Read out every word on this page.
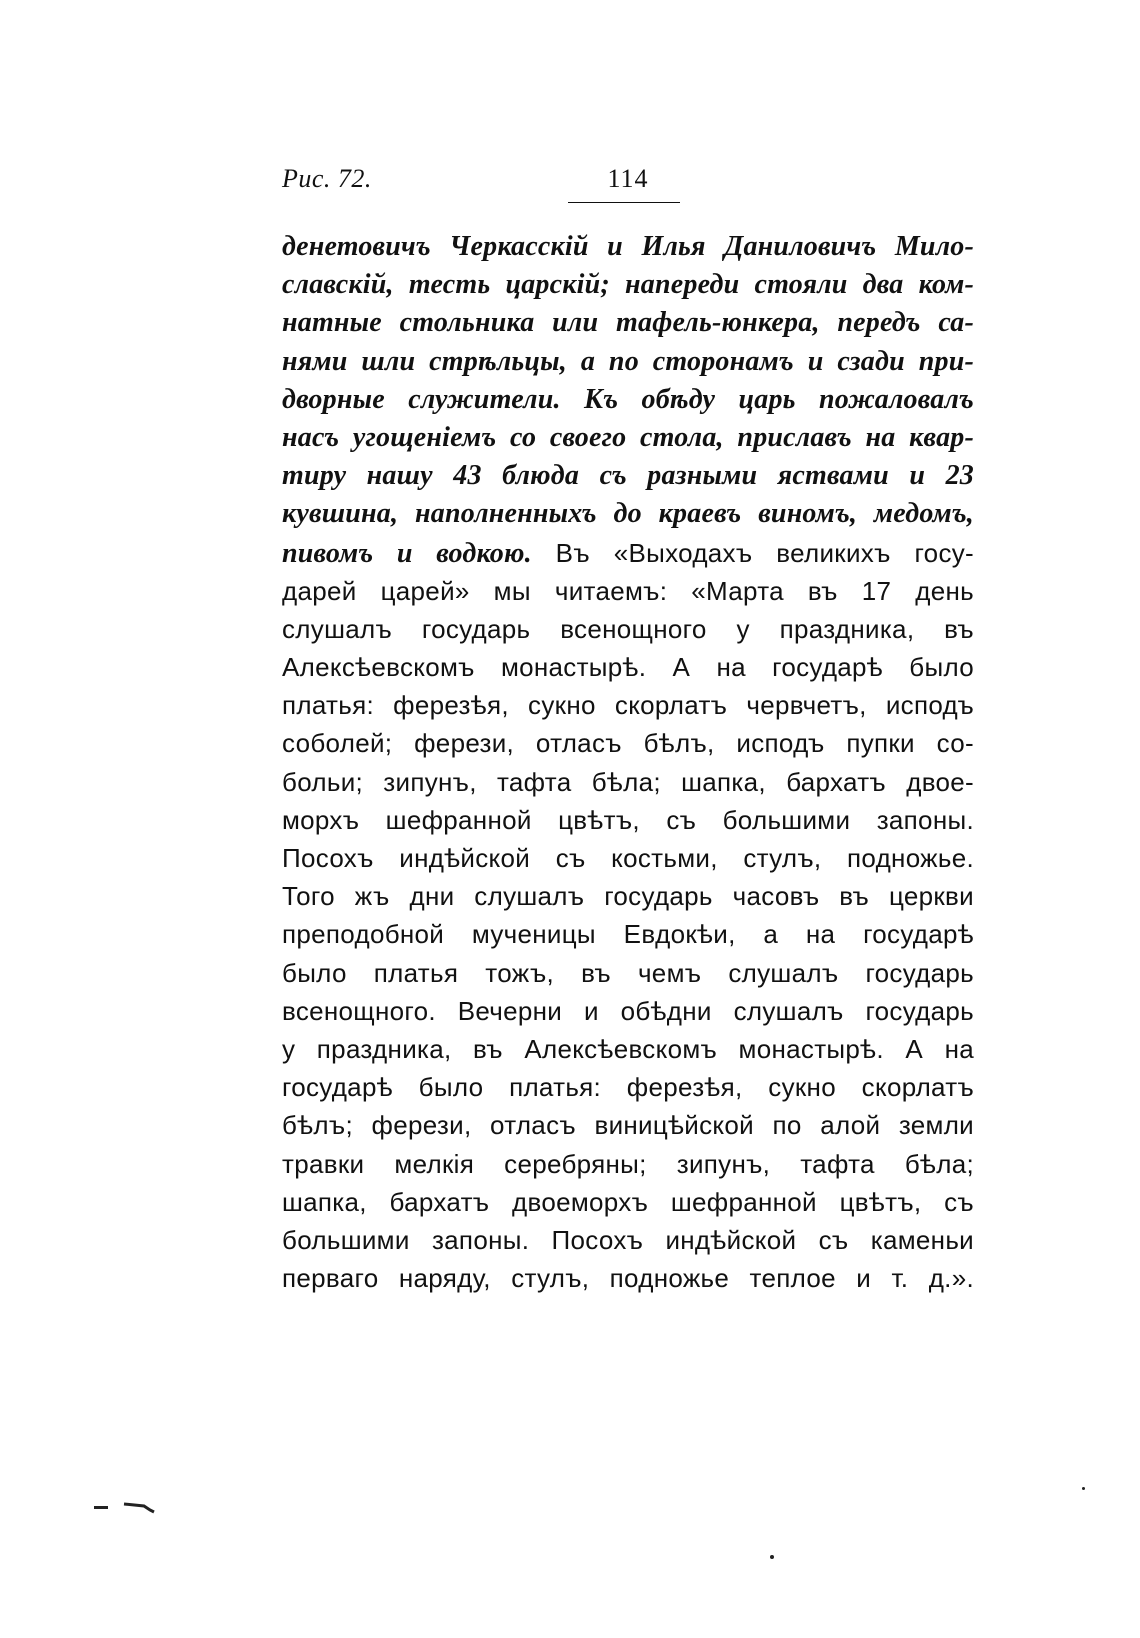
Рис. 72.	114
денетовичъ Черкасскій и Илья Даниловичъ Мило-
славскій, тесть царскій; напереди стояли два ком-
натные стольника или тафель-юнкера, передъ са-
нями шли стрѣльцы, а по сторонамъ и сзади при-
дворные служители. Къ обѣду царь пожаловалъ
насъ угощеніемъ со своего стола, приславъ на квар-
тиру нашу 43 блюда съ разными яствами и 23
кувшина, наполненныхъ до краевъ виномъ, медомъ,
пивомъ и водкою. Въ «Выходахъ великихъ госу-
дарей царей» мы читаемъ: «Марта въ 17 день
слушалъ государь всенощного у праздника, въ
Алексѣевскомъ монастырѣ. А на государѣ было
платья: ферезѣя, сукно скорлатъ червчетъ, исподъ
соболей; ферези, отласъ бѣлъ, исподъ пупки со-
больи; зипунъ, тафта бѣла; шапка, бархатъ двое-
морхъ шефранной цвѣтъ, съ большими запоны.
Посохъ индѣйской съ костьми, стулъ, подножье.
Того жъ дни слушалъ государь часовъ въ церкви
преподобной мученицы Евдокѣи, а на государѣ
было платья тожъ, въ чемъ слушалъ государь
всенощного. Вечерни и обѣдни слушалъ государь
у праздника, въ Алексѣевскомъ монастырѣ. А на
государѣ было платья: ферезѣя, сукно скорлатъ
бѣлъ; ферези, отласъ виницѣйской по алой земли
травки мелкія серебряны; зипунъ, тафта бѣла;
шапка, бархатъ двоеморхъ шефранной цвѣтъ, съ
большими запоны. Посохъ индѣйской съ каменьи
перваго наряду, стулъ, подножье теплое и т. д.».
